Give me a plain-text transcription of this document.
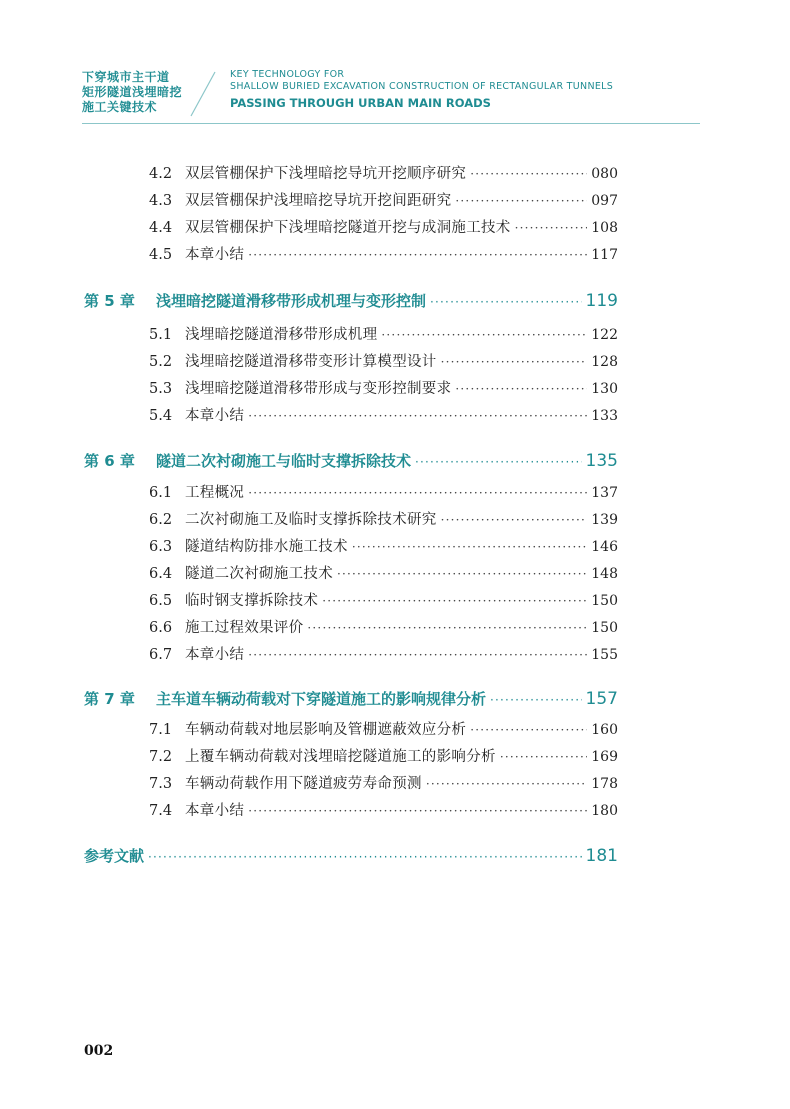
下穿城市主干道
矩形隧道浅埋暗挖
施工关键技术
KEY TECHNOLOGY FOR
SHALLOW BURIED EXCAVATION CONSTRUCTION OF RECTANGULAR TUNNELS
PASSING THROUGH URBAN MAIN ROADS
4.2 双层管棚保护下浅埋暗挖导坑开挖顺序研究 ·····	080
4.3 双层管棚保护浅埋暗挖导坑开挖间距研究 ·····	097
4.4 双层管棚保护下浅埋暗挖隧道开挖与成洞施工技术 ·····	108
4.5 本章小结 ·····	117
第 5 章	浅埋暗挖隧道滑移带形成机理与变形控制 ·····	119
5.1 浅埋暗挖隧道滑移带形成机理 ·····	122
5.2 浅埋暗挖隧道滑移带变形计算模型设计 ·····	128
5.3 浅埋暗挖隧道滑移带形成与变形控制要求 ·····	130
5.4 本章小结 ·····	133
第 6 章	隧道二次衬砌施工与临时支撑拆除技术 ·····	135
6.1 工程概况 ·····	137
6.2 二次衬砌施工及临时支撑拆除技术研究 ·····	139
6.3 隧道结构防排水施工技术 ·····	146
6.4 隧道二次衬砌施工技术 ·····	148
6.5 临时钢支撑拆除技术 ·····	150
6.6 施工过程效果评价 ·····	150
6.7 本章小结 ·····	155
第 7 章	主车道车辆动荷载对下穿隧道施工的影响规律分析 ·····	157
7.1 车辆动荷载对地层影响及管棚遮蔽效应分析 ·····	160
7.2 上覆车辆动荷载对浅埋暗挖隧道施工的影响分析 ·····	169
7.3 车辆动荷载作用下隧道疲劳寿命预测 ·····	178
7.4 本章小结 ·····	180
参考文献 ·····	181
002
